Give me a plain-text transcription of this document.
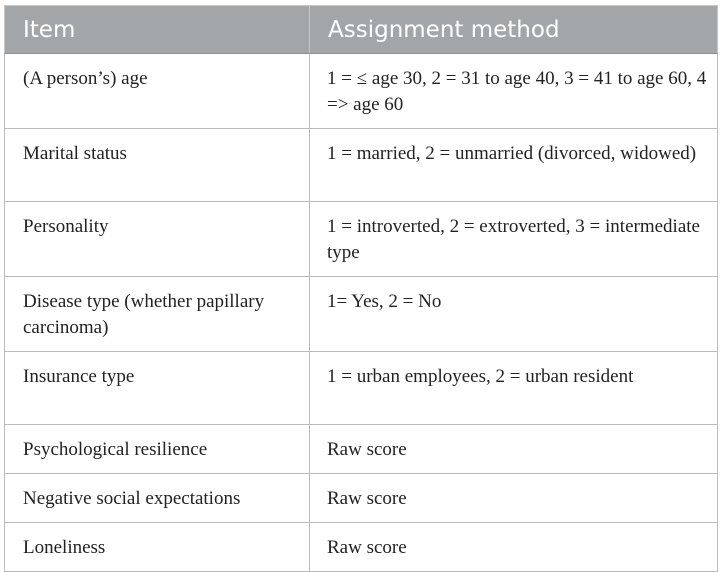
Item	Assignment method
(A person’s) age	1 = ≤ age 30, 2 = 31 to age 40, 3 = 41 to age 60, 4 => age 60
Marital status	1 = married, 2 = unmarried (divorced, widowed)
Personality	1 = introverted, 2 = extroverted, 3 = intermediate type
Disease type (whether papillary carcinoma)	1= Yes, 2 = No
Insurance type	1 = urban employees, 2 = urban resident
Psychological resilience	Raw score
Negative social expectations	Raw score
Loneliness	Raw score
